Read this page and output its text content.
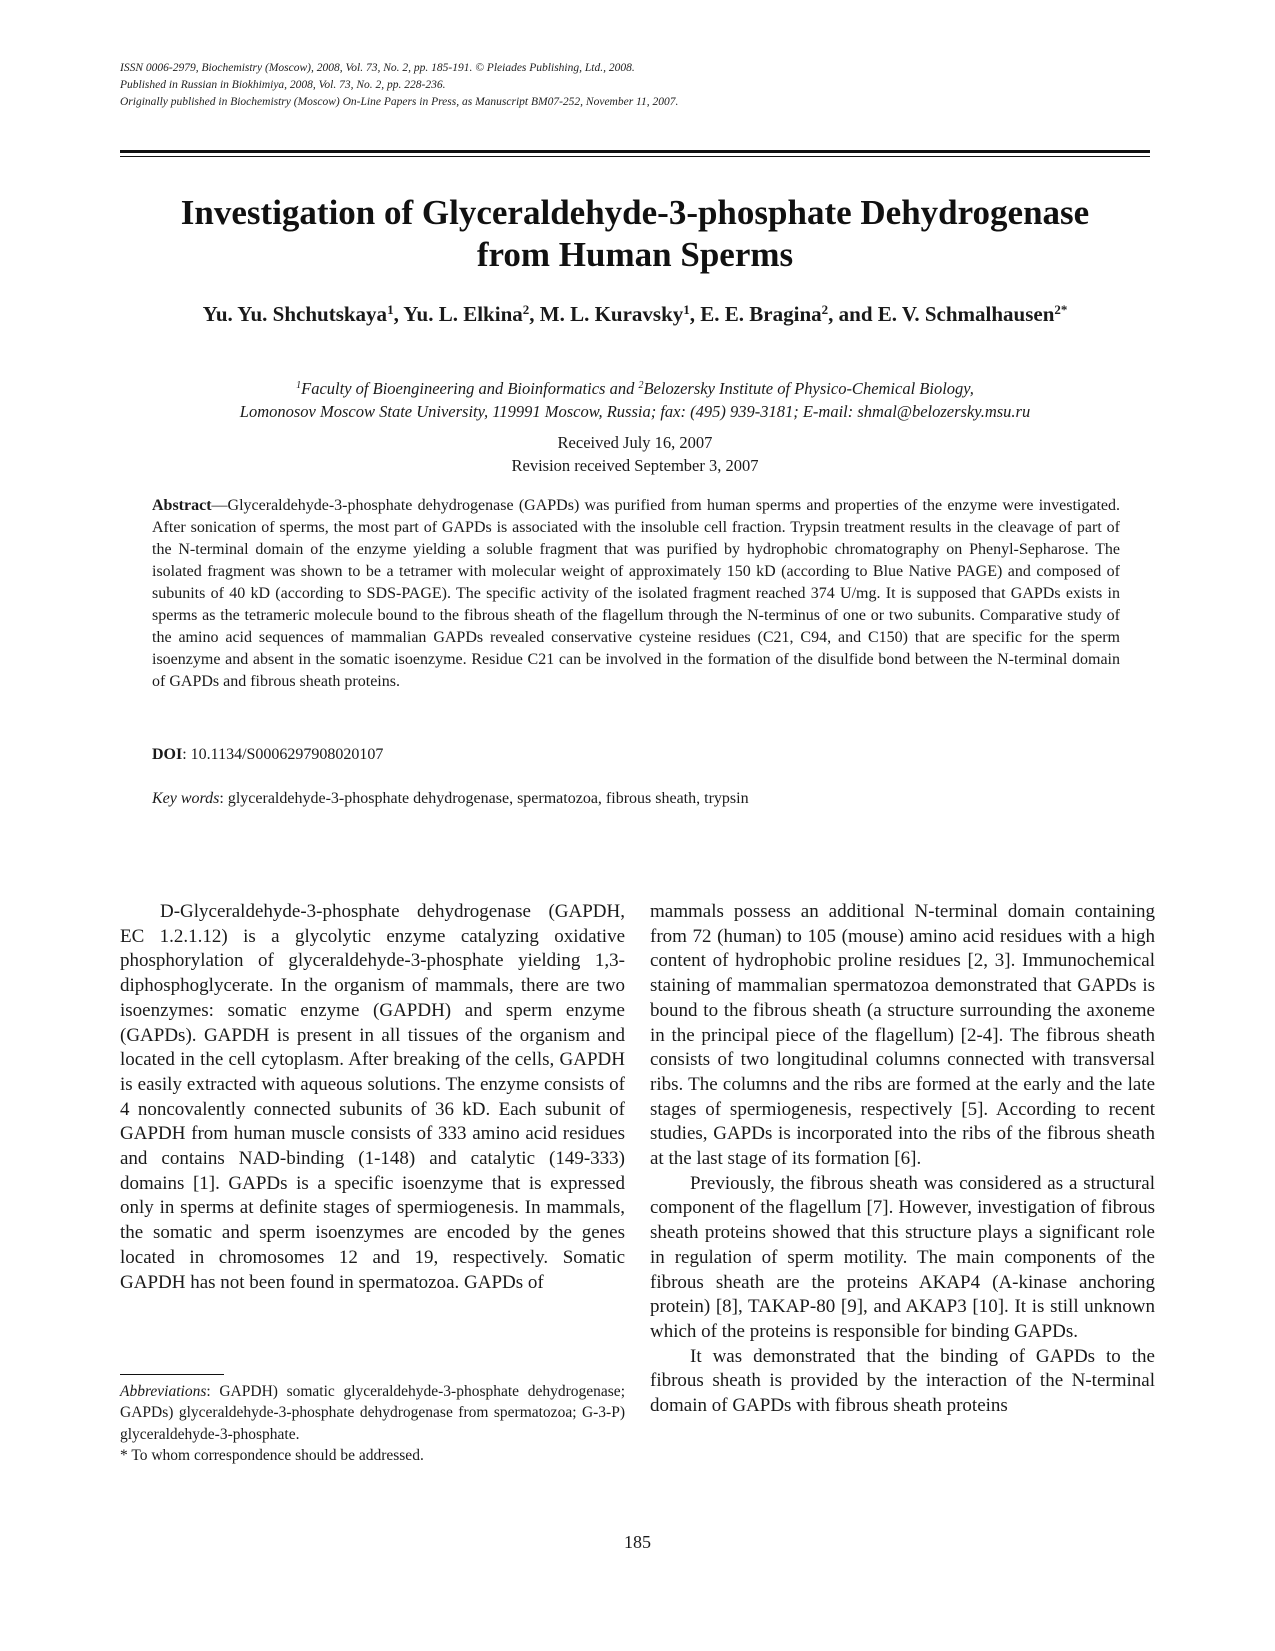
ISSN 0006-2979, Biochemistry (Moscow), 2008, Vol. 73, No. 2, pp. 185-191. © Pleiades Publishing, Ltd., 2008.
Published in Russian in Biokhimiya, 2008, Vol. 73, No. 2, pp. 228-236.
Originally published in Biochemistry (Moscow) On-Line Papers in Press, as Manuscript BM07-252, November 11, 2007.
Investigation of Glyceraldehyde-3-phosphate Dehydrogenase
from Human Sperms
Yu. Yu. Shchutskaya$^1$, Yu. L. Elkina$^2$, M. L. Kuravsky$^1$, E. E. Bragina$^2$, and E. V. Schmalhausen$^{2*}$
$^1$Faculty of Bioengineering and Bioinformatics and $^2$Belozersky Institute of Physico-Chemical Biology,
Lomonosov Moscow State University, 119991 Moscow, Russia; fax: (495) 939-3181; E-mail: shmal@belozersky.msu.ru
Received July 16, 2007
Revision received September 3, 2007
Abstract—Glyceraldehyde-3-phosphate dehydrogenase (GAPDs) was purified from human sperms and properties of the enzyme were investigated. After sonication of sperms, the most part of GAPDs is associated with the insoluble cell fraction. Trypsin treatment results in the cleavage of part of the N-terminal domain of the enzyme yielding a soluble fragment that was purified by hydrophobic chromatography on Phenyl-Sepharose. The isolated fragment was shown to be a tetramer with molecular weight of approximately 150 kD (according to Blue Native PAGE) and composed of subunits of 40 kD (according to SDS-PAGE). The specific activity of the isolated fragment reached 374 U/mg. It is supposed that GAPDs exists in sperms as the tetrameric molecule bound to the fibrous sheath of the flagellum through the N-terminus of one or two subunits. Comparative study of the amino acid sequences of mammalian GAPDs revealed conservative cysteine residues (C21, C94, and C150) that are specific for the sperm isoenzyme and absent in the somatic isoenzyme. Residue C21 can be involved in the formation of the disulfide bond between the N-terminal domain of GAPDs and fibrous sheath proteins.
DOI: 10.1134/S0006297908020107
Key words: glyceraldehyde-3-phosphate dehydrogenase, spermatozoa, fibrous sheath, trypsin

D-Glyceraldehyde-3-phosphate dehydrogenase (GAPDH, EC 1.2.1.12) is a glycolytic enzyme catalyzing oxidative phosphorylation of glyceraldehyde-3-phosphate yielding 1,3-diphosphoglycerate. In the organism of mammals, there are two isoenzymes: somatic enzyme (GAPDH) and sperm enzyme (GAPDs). GAPDH is present in all tissues of the organism and located in the cell cytoplasm. After breaking of the cells, GAPDH is easily extracted with aqueous solutions. The enzyme consists of 4 noncovalently connected subunits of 36 kD. Each subunit of GAPDH from human muscle consists of 333 amino acid residues and contains NAD-binding (1-148) and catalytic (149-333) domains [1]. GAPDs is a specific isoenzyme that is expressed only in sperms at definite stages of spermiogenesis. In mammals, the somatic and sperm isoenzymes are encoded by the genes located in chromosomes 12 and 19, respectively. Somatic GAPDH has not been found in spermatozoa. GAPDs of

mammals possess an additional N-terminal domain containing from 72 (human) to 105 (mouse) amino acid residues with a high content of hydrophobic proline residues [2, 3]. Immunochemical staining of mammalian spermatozoa demonstrated that GAPDs is bound to the fibrous sheath (a structure surrounding the axoneme in the principal piece of the flagellum) [2-4]. The fibrous sheath consists of two longitudinal columns connected with transversal ribs. The columns and the ribs are formed at the early and the late stages of spermiogenesis, respectively [5]. According to recent studies, GAPDs is incorporated into the ribs of the fibrous sheath at the last stage of its formation [6].

Previously, the fibrous sheath was considered as a structural component of the flagellum [7]. However, investigation of fibrous sheath proteins showed that this structure plays a significant role in regulation of sperm motility. The main components of the fibrous sheath are the proteins AKAP4 (A-kinase anchoring protein) [8], TAKAP-80 [9], and AKAP3 [10]. It is still unknown which of the proteins is responsible for binding GAPDs.

It was demonstrated that the binding of GAPDs to the fibrous sheath is provided by the interaction of the N-terminal domain of GAPDs with fibrous sheath proteins

Abbreviations: GAPDH) somatic glyceraldehyde-3-phosphate dehydrogenase; GAPDs) glyceraldehyde-3-phosphate dehydrogenase from spermatozoa; G-3-P) glyceraldehyde-3-phosphate.

* To whom correspondence should be addressed.

185
